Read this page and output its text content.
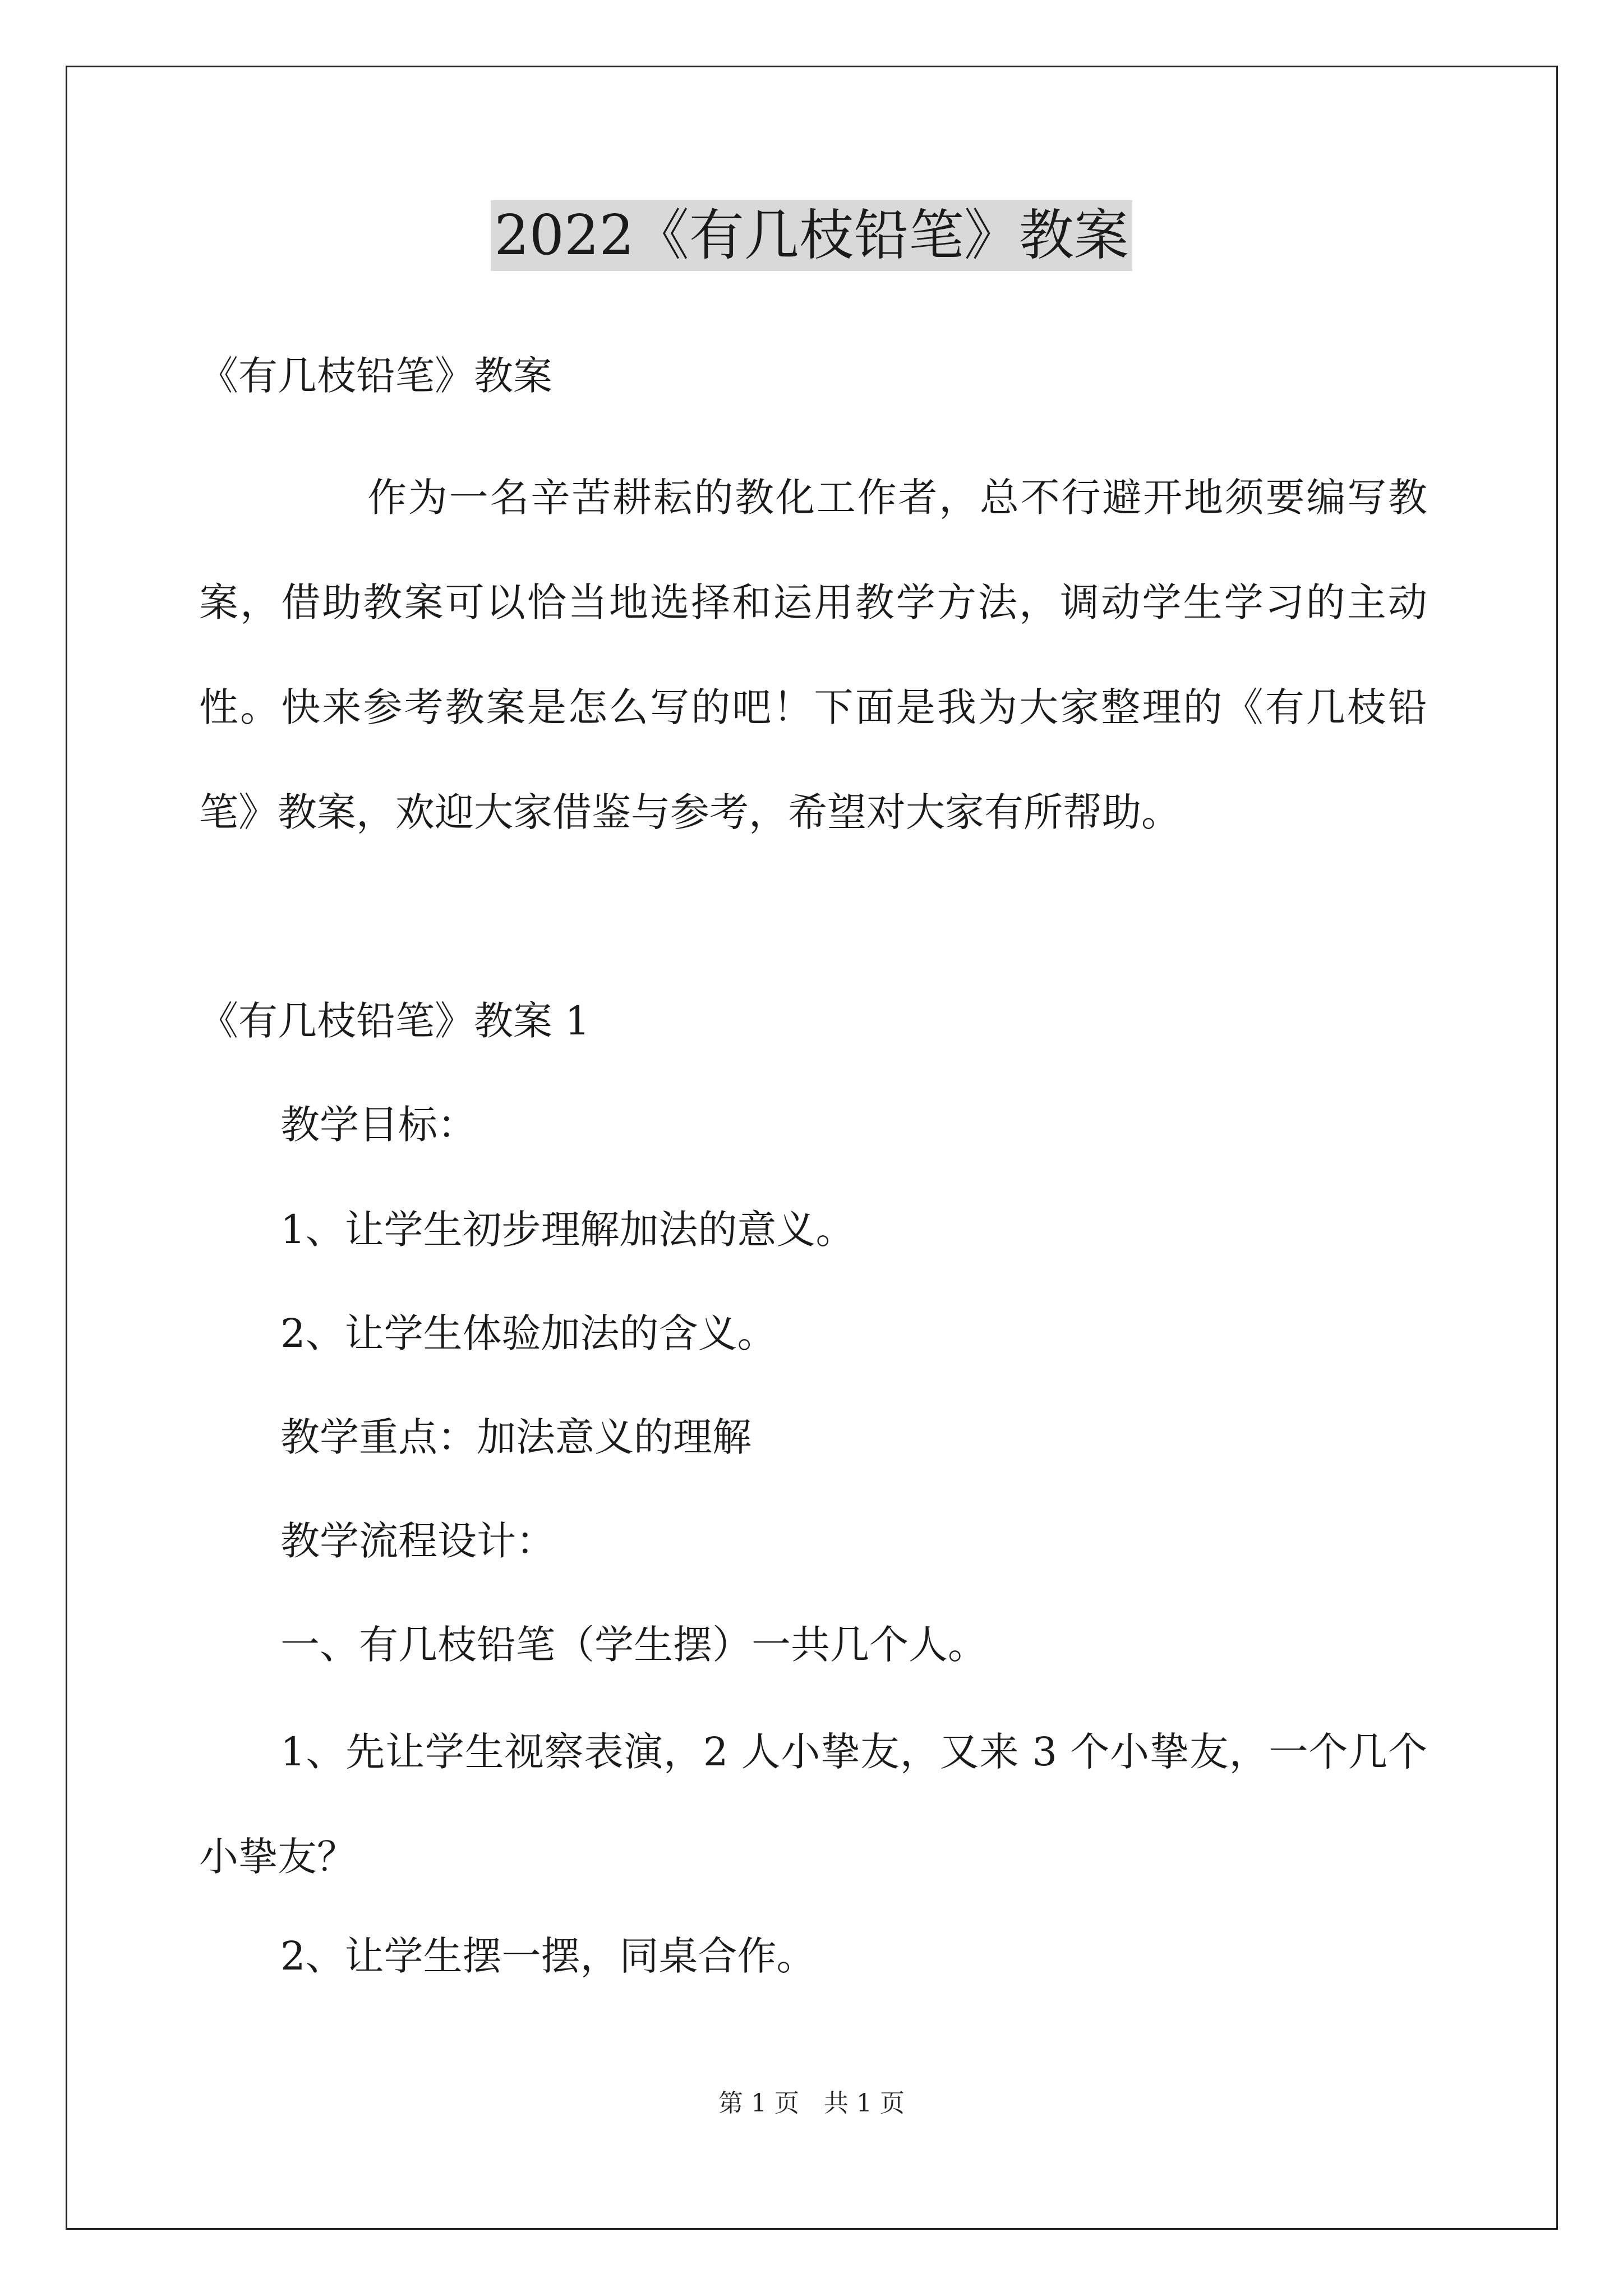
2022《有几枝铅笔》教案

《有几枝铅笔》教案

作为一名辛苦耕耘的教化工作者，总不行避开地须要编写教案，借助教案可以恰当地选择和运用教学方法，调动学生学习的主动性。快来参考教案是怎么写的吧！下面是我为大家整理的《有几枝铅笔》教案，欢迎大家借鉴与参考，希望对大家有所帮助。

《有几枝铅笔》教案 1

教学目标：

1、让学生初步理解加法的意义。

2、让学生体验加法的含义。

教学重点：加法意义的理解

教学流程设计：

一、有几枝铅笔（学生摆）一共几个人。

1、先让学生视察表演，2 人小挚友，又来 3 个小挚友，一个几个小挚友？

2、让学生摆一摆，同桌合作。

第 1 页　共 1 页
